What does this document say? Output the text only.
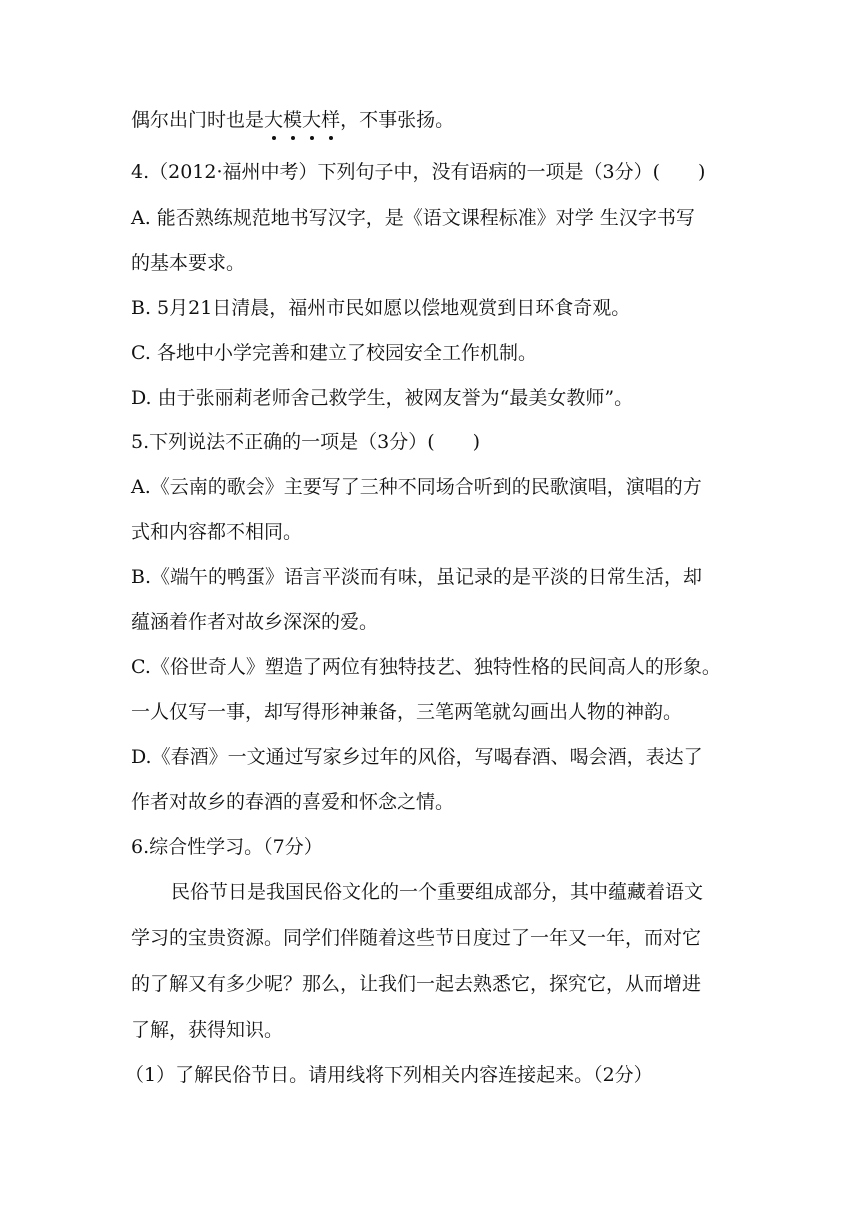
偶尔出门时也是大模大样，不事张扬。
4.（2012·福州中考）下列句子中，没有语病的一项是（3分）(　　)
A. 能否熟练规范地书写汉字，是《语文课程标准》对学 生汉字书写
的基本要求。
B. 5月21日清晨，福州市民如愿以偿地观赏到日环食奇观。
C. 各地中小学完善和建立了校园安全工作机制。
D. 由于张丽莉老师舍己救学生，被网友誉为“最美女教师”。
5.下列说法不正确的一项是（3分）(　　)
A.《云南的歌会》主要写了三种不同场合听到的民歌演唱，演唱的方
式和内容都不相同。
B.《端午的鸭蛋》语言平淡而有味，虽记录的是平淡的日常生活，却
蕴涵着作者对故乡深深的爱。
C.《俗世奇人》塑造了两位有独特技艺、独特性格的民间高人的形象。
一人仅写一事，却写得形神兼备，三笔两笔就勾画出人物的神韵。
D.《春酒》一文通过写家乡过年的风俗，写喝春酒、喝会酒，表达了
作者对故乡的春酒的喜爱和怀念之情。
6.综合性学习。（7分）
民俗节日是我国民俗文化的一个重要组成部分，其中蕴藏着语文
学习的宝贵资源。同学们伴随着这些节日度过了一年又一年，而对它
的了解又有多少呢？那么，让我们一起去熟悉它，探究它，从而增进
了解，获得知识。
（1）了解民俗节日。请用线将下列相关内容连接起来。（2分）
